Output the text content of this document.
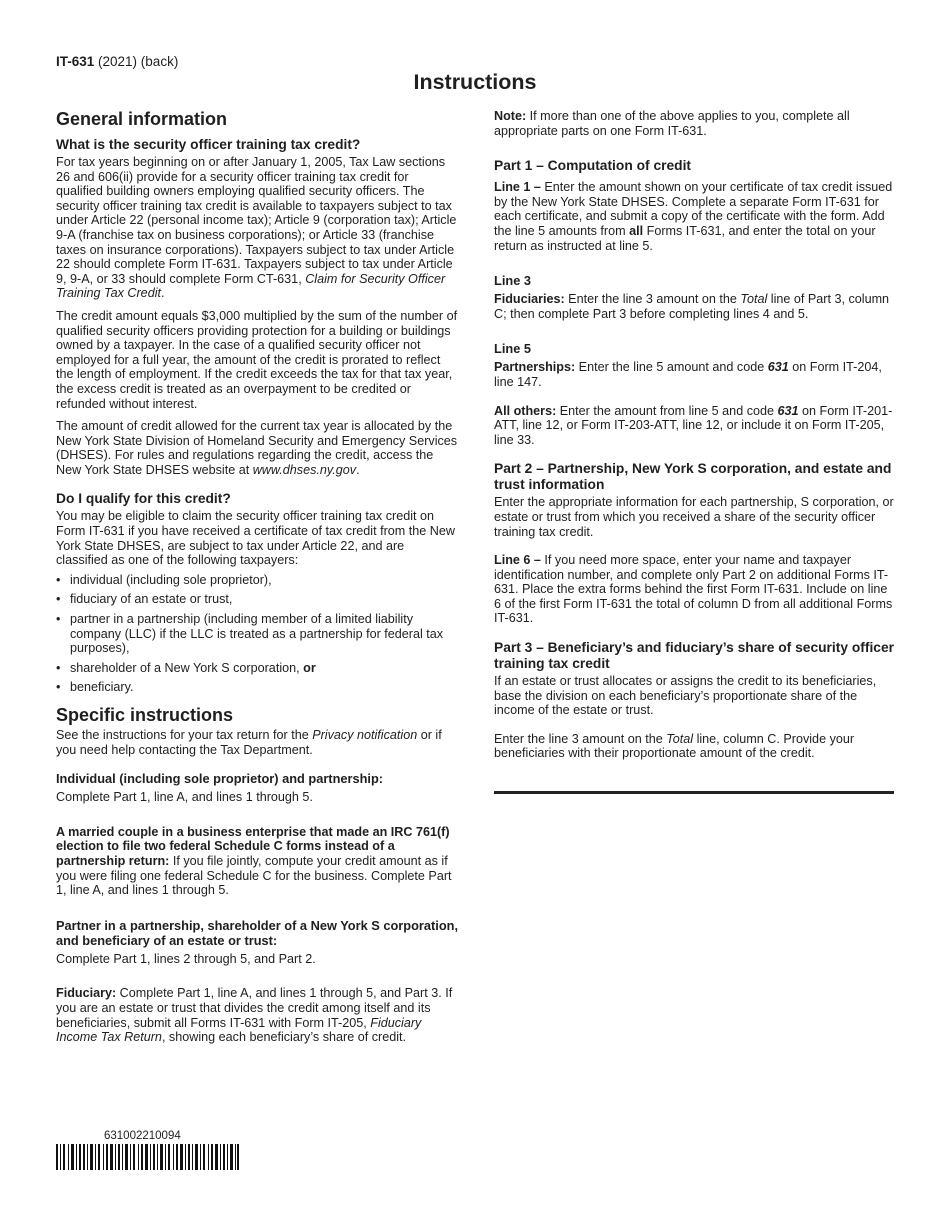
IT-631 (2021) (back)
Instructions
General information
What is the security officer training tax credit?

For tax years beginning on or after January 1, 2005, Tax Law sections 26 and 606(ii) provide for a security officer training tax credit for qualified building owners employing qualified security officers. The security officer training tax credit is available to taxpayers subject to tax under Article 22 (personal income tax); Article 9 (corporation tax); Article 9-A (franchise tax on business corporations); or Article 33 (franchise taxes on insurance corporations). Taxpayers subject to tax under Article 22 should complete Form IT-631. Taxpayers subject to tax under Article 9, 9-A, or 33 should complete Form CT-631, Claim for Security Officer Training Tax Credit.

The credit amount equals $3,000 multiplied by the sum of the number of qualified security officers providing protection for a building or buildings owned by a taxpayer. In the case of a qualified security officer not employed for a full year, the amount of the credit is prorated to reflect the length of employment. If the credit exceeds the tax for that tax year, the excess credit is treated as an overpayment to be credited or refunded without interest.

The amount of credit allowed for the current tax year is allocated by the New York State Division of Homeland Security and Emergency Services (DHSES). For rules and regulations regarding the credit, access the New York State DHSES website at www.dhses.ny.gov.

Do I qualify for this credit?

You may be eligible to claim the security officer training tax credit on Form IT-631 if you have received a certificate of tax credit from the New York State DHSES, are subject to tax under Article 22, and are classified as one of the following taxpayers:

• individual (including sole proprietor),
• fiduciary of an estate or trust,
• partner in a partnership (including member of a limited liability company (LLC) if the LLC is treated as a partnership for federal tax purposes),
• shareholder of a New York S corporation, or
• beneficiary.
Specific instructions

See the instructions for your tax return for the Privacy notification or if you need help contacting the Tax Department.

Individual (including sole proprietor) and partnership:

Complete Part 1, line A, and lines 1 through 5.

A married couple in a business enterprise that made an IRC 761(f) election to file two federal Schedule C forms instead of a partnership return: If you file jointly, compute your credit amount as if you were filing one federal Schedule C for the business. Complete Part 1, line A, and lines 1 through 5.

Partner in a partnership, shareholder of a New York S corporation, and beneficiary of an estate or trust:

Complete Part 1, lines 2 through 5, and Part 2.

Fiduciary: Complete Part 1, line A, and lines 1 through 5, and Part 3. If you are an estate or trust that divides the credit among itself and its beneficiaries, submit all Forms IT-631 with Form IT-205, Fiduciary Income Tax Return, showing each beneficiary’s share of credit.

Note: If more than one of the above applies to you, complete all appropriate parts on one Form IT-631.

Part 1 – Computation of credit

Line 1 – Enter the amount shown on your certificate of tax credit issued by the New York State DHSES. Complete a separate Form IT-631 for each certificate, and submit a copy of the certificate with the form. Add the line 5 amounts from all Forms IT-631, and enter the total on your return as instructed at line 5.

Line 3

Fiduciaries: Enter the line 3 amount on the Total line of Part 3, column C; then complete Part 3 before completing lines 4 and 5.

Line 5

Partnerships: Enter the line 5 amount and code 631 on Form IT-204, line 147.

All others: Enter the amount from line 5 and code 631 on Form IT-201-ATT, line 12, or Form IT-203-ATT, line 12, or include it on Form IT-205, line 33.

Part 2 – Partnership, New York S corporation, and estate and trust information

Enter the appropriate information for each partnership, S corporation, or estate or trust from which you received a share of the security officer training tax credit.

Line 6 – If you need more space, enter your name and taxpayer identification number, and complete only Part 2 on additional Forms IT-631. Place the extra forms behind the first Form IT-631. Include on line 6 of the first Form IT-631 the total of column D from all additional Forms IT-631.

Part 3 – Beneficiary’s and fiduciary’s share of security officer training tax credit

If an estate or trust allocates or assigns the credit to its beneficiaries, base the division on each beneficiary’s proportionate share of the income of the estate or trust.

Enter the line 3 amount on the Total line, column C. Provide your beneficiaries with their proportionate amount of the credit.

631002210094
